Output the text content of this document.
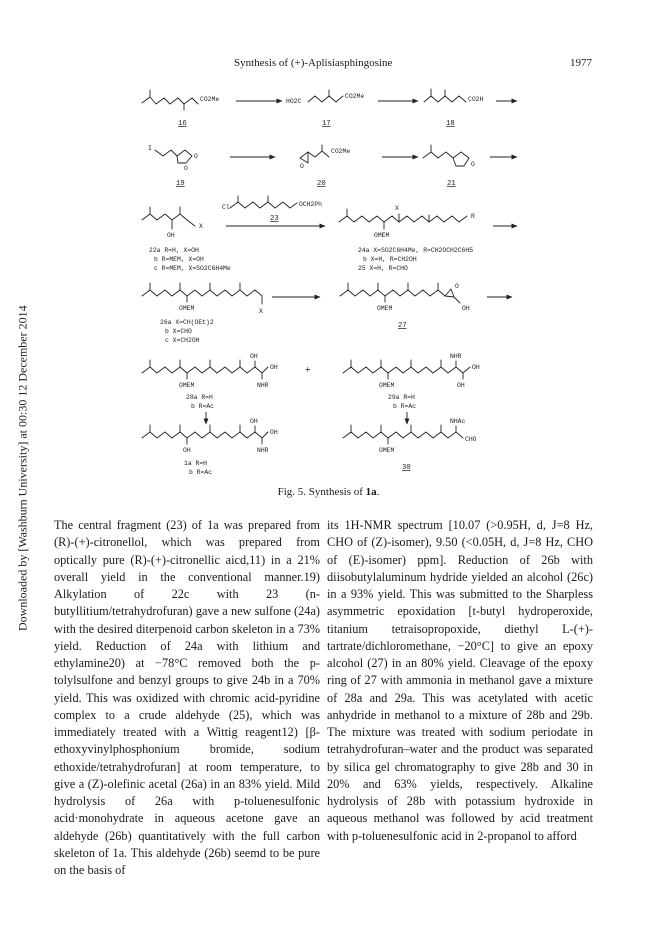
Synthesis of (+)-Aplisiasphingosine	1977
Downloaded by [Washburn University] at 00:30 12 December 2014
CO2Me
16
HO2C
CO2Me
17
CO2H
18
I
O
O
19
O
CO2Me
20
O
21
Cl	OCH2Ph
23
X
OH
22a R=H, X=OH
b R=MEM, X=OH
c R=MEM, X=SO2C6H4Me
X
R
OMEM
24a X=SO2C6H4Me, R=CH2OCH2C6H5
b X=H, R=CH2OH
25 X=H, R=CHO
OMEM	X
26a X=CH(OEt)2
b X=CHO
c X=CH2OH
O
OH
OMEM
27
OH
OH
NHR
OMEM
28a R=H
b R=Ac
+
NHR
OH
OH
OMEM
29a R=H
b R=Ac
OH
OH
NHR
OH
1a R=H
b R=Ac
NHAc
CHO
OMEM
30
Fig. 5. Synthesis of 1a.

The central fragment (23) of 1a was prepared from (R)-(+)-citronellol, which was prepared from optically pure (R)-(+)-citronellic aicd,11) in a 21% overall yield in the conventional manner.19) Alkylation of 22c with 23 (n-butyllitium/tetrahydrofuran) gave a new sulfone (24a) with the desired diterpenoid carbon skeleton in a 73% yield. Reduction of 24a with lithium and ethylamine20) at −78°C removed both the p-tolylsulfone and benzyl groups to give 24b in a 70% yield. This was oxidized with chromic acid-pyridine complex to a crude aldehyde (25), which was immediately treated with a Wittig reagent12) [β-ethoxyvinylphosphonium bromide, sodium ethoxide/tetrahydrofuran] at room temperature, to give a (Z)-olefinic acetal (26a) in an 83% yield. Mild hydrolysis of 26a with p-toluenesulfonic acid·monohydrate in aqueous acetone gave an aldehyde (26b) quantitatively with the full carbon skeleton of 1a. This aldehyde (26b) seemd to be pure on the basis of

its 1H-NMR spectrum [10.07 (>0.95H, d, J=8 Hz, CHO of (Z)-isomer), 9.50 (<0.05H, d, J=8 Hz, CHO of (E)-isomer) ppm]. Reduction of 26b with diisobutylaluminum hydride yielded an alcohol (26c) in a 93% yield. This was submitted to the Sharpless asymmetric epoxidation [t-butyl hydroperoxide, titanium tetraisopropoxide, diethyl L-(+)-tartrate/dichloromethane, −20°C] to give an epoxy alcohol (27) in an 80% yield. Cleavage of the epoxy ring of 27 with ammonia in methanol gave a mixture of 28a and 29a. This was acetylated with acetic anhydride in methanol to a mixture of 28b and 29b. The mixture was treated with sodium periodate in tetrahydrofuran–water and the product was separated by silica gel chromatography to give 28b and 30 in 20% and 63% yields, respectively. Alkaline hydrolysis of 28b with potassium hydroxide in aqueous methanol was followed by acid treatment with p-toluenesulfonic acid in 2-propanol to afford
